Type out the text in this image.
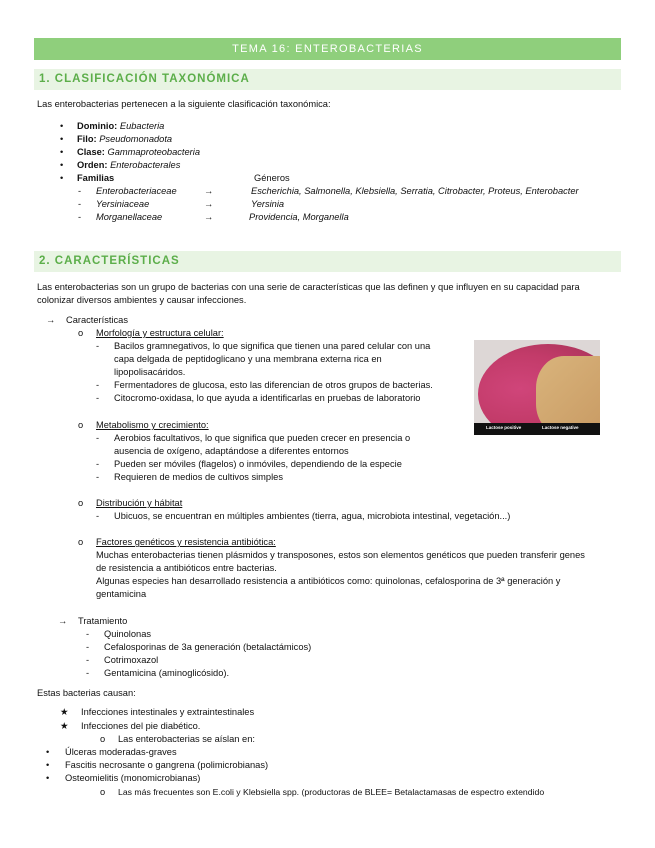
TEMA 16: ENTEROBACTERIAS
1. CLASIFICACIÓN TAXONÓMICA
Las enterobacterias pertenecen a la siguiente clasificación taxonómica:
• Dominio: Eubacteria
• Filo: Pseudomonadota
• Clase: Gammaproteobacteria
• Orden: Enterobacterales
• Familias	Géneros
- Enterobacteriaceae	→	Escherichia, Salmonella, Klebsiella, Serratia, Citrobacter, Proteus, Enterobacter
- Yersiniaceae	→	Yersinia
- Morganellaceae	→	Providencia, Morganella
2. CARACTERÍSTICAS
Las enterobacterias son un grupo de bacterias con una serie de características que las definen y que influyen en su capacidad para
colonizar diversos ambientes y causar infecciones.
→ Características
o Morfología y estructura celular:
- Bacilos gramnegativos, lo que significa que tienen una pared celular con una
capa delgada de peptidoglicano y una membrana externa rica en
lipopolisacáridos.
- Fermentadores de glucosa, esto las diferencian de otros grupos de bacterias.
- Citocromo-oxidasa, lo que ayuda a identificarlas en pruebas de laboratorio
Lactose positive	Lactose negative
o Metabolismo y crecimiento:
- Aerobios facultativos, lo que significa que pueden crecer en presencia o
ausencia de oxígeno, adaptándose a diferentes entornos
- Pueden ser móviles (flagelos) o inmóviles, dependiendo de la especie
- Requieren de medios de cultivos simples
o Distribución y hábitat
- Ubicuos, se encuentran en múltiples ambientes (tierra, agua, microbiota intestinal, vegetación...)
o Factores genéticos y resistencia antibiótica:
Muchas enterobacterias tienen plásmidos y transposones, estos son elementos genéticos que pueden transferir genes
de resistencia a antibióticos entre bacterias.
Algunas especies han desarrollado resistencia a antibióticos como: quinolonas, cefalosporina de 3ª generación y
gentamicina
→ Tratamiento
- Quinolonas
- Cefalosporinas de 3a generación (betalactámicos)
- Cotrimoxazol
- Gentamicina (aminoglicósido).
Estas bacterias causan:
★ Infecciones intestinales y extraintestinales
★ Infecciones del pie diabético.
o Las enterobacterias se aíslan en:
• Úlceras moderadas-graves
• Fascitis necrosante o gangrena (polimicrobianas)
• Osteomielitis (monomicrobianas)
o Las más frecuentes son E.coli y Klebsiella spp. (productoras de BLEE= Betalactamasas de espectro extendido
